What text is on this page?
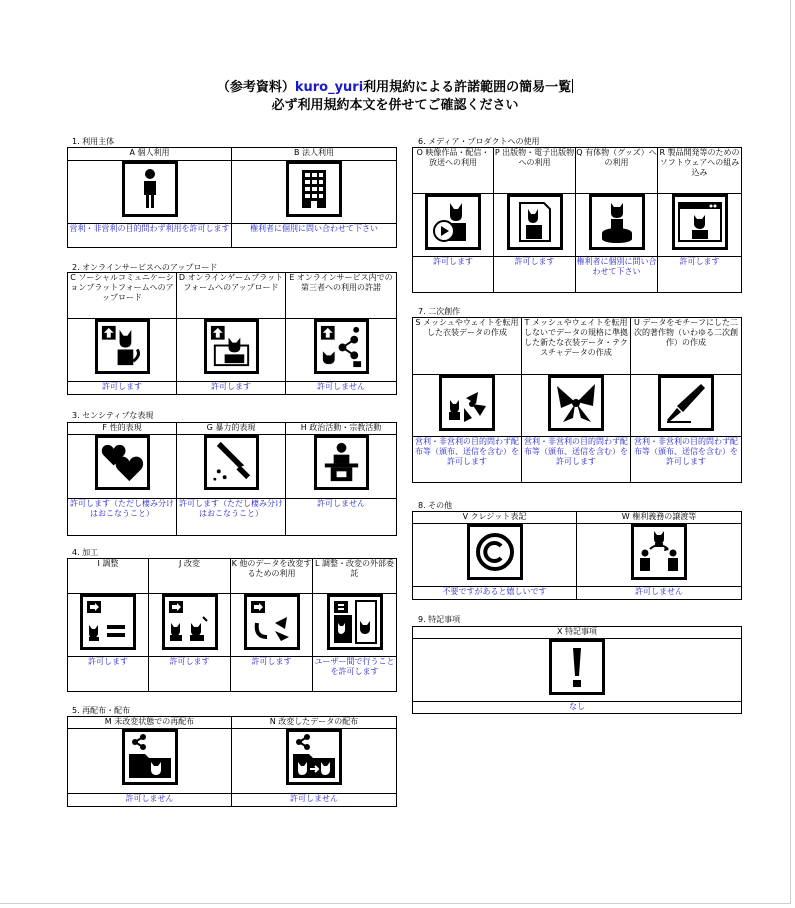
（参考資料）kuro_yuri利用規約による許諾範囲の簡易一覧
必ず利用規約本文を併せてご確認ください
1. 利用主体
A 個人利用	B 法人利用

営利・非営利の目的問わず利用を許可します	権利者に個別に問い合わせて下さい
2. オンラインサービスへのアップロード
C ソーシャルコミュニケーションプラットフォームへのアップロード	D オンラインゲームプラットフォームへのアップロード	E オンラインサービス内での第三者への利用の許諾

許可します	許可します	許可しません
3. センシティブな表現
F 性的表現	G 暴力的表現	H 政治活動・宗教活動

許可します（ただし棲み分けはおこなうこと）	許可します（ただし棲み分けはおこなうこと）	許可しません
4. 加工
I 調整	J 改変	K 他のデータを改変するための利用	L 調整・改変の外部委託

許可します	許可します	許可します	ユーザー間で行うことを許可します
5. 再配布・配布
M 未改変状態での再配布	N 改変したデータの配布

許可しません	許可しません
6. メディア・プロダクトへの使用
O 映像作品・配信・放送への利用	P 出版物・電子出版物への利用	Q 有体物（グッズ）への利用	R 製品開発等のためのソフトウェアへの組み込み

許可します	許可します	権利者に個別に問い合わせて下さい	許可します
7. 二次創作
S メッシュやウェイトを転用した衣装データの作成	T メッシュやウェイトを転用しないでデータの規格に準拠した新たな衣装データ・テクスチャデータの作成	U データをモチーフにした二次的著作物（いわゆる二次創作）の作成

営利・非営利の目的問わず配布等（頒布、送信を含む）を許可します	営利・非営利の目的問わず配布等（頒布、送信を含む）を許可します	営利・非営利の目的問わず配布等（頒布、送信を含む）を許可します
8. その他
V クレジット表記	W 権利義務の譲渡等

不要ですがあると嬉しいです	許可しません
9. 特記事項
X 特記事項

なし
